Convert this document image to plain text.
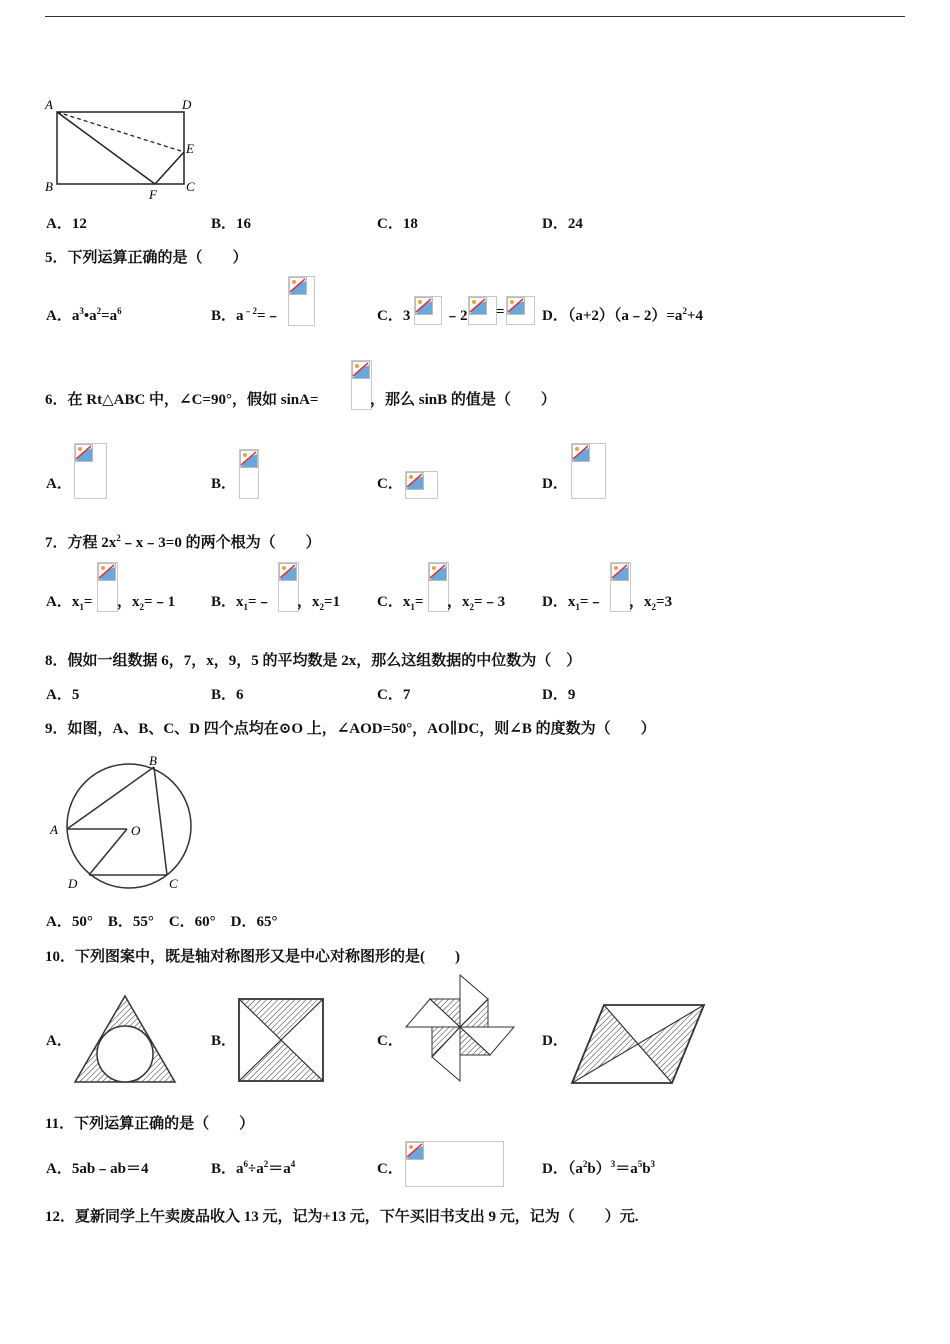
A	D
E
B
F
C
A．12	B．16	C．18	D．24
5．下列运算正确的是（　　）
A．$a^3•a^2=a^6$	B．$a^{﹣2}=﹣$	C．3 ﹣2 = D．$(a+2)(a﹣2)=a^2+4$
6．在 Rt△ABC 中，∠C=90°，假如 sinA=	，那么 sinB 的值是（　　）
A．	B．	C．	D．
7．方程 $2x^2﹣x﹣3=0$ 的两个根为（　　）
A．$x_1=$ ，$x_2=﹣1$ B．$x_1=﹣$ ，$x_2=1$ C．$x_1=$ ，$x_2=﹣3$ D．$x_1=﹣$ ，$x_2=3$
8．假如一组数据 6，7，x，9，5 的平均数是 2x，那么这组数据的中位数为（　）
A．5	B．6	C．7	D．9
9．如图，A、B、C、D 四个点均在⊙O 上，∠AOD=50°，AO∥DC，则∠B 的度数为（　　）
A
B
O
D	C
A．50°　B．55°　C．60°　D．65°
10．下列图案中，既是轴对称图形又是中心对称图形的是(　　)
A．	B．	C．	D．
11．下列运算正确的是（　　）
A．5ab﹣ab＝4	B．$a^6\div a^2=a^4$	C．	D．$(a^2b)^3=a^5b^3$
12．夏新同学上午卖废品收入 13 元，记为+13 元，下午买旧书支出 9 元，记为（　　）元.
